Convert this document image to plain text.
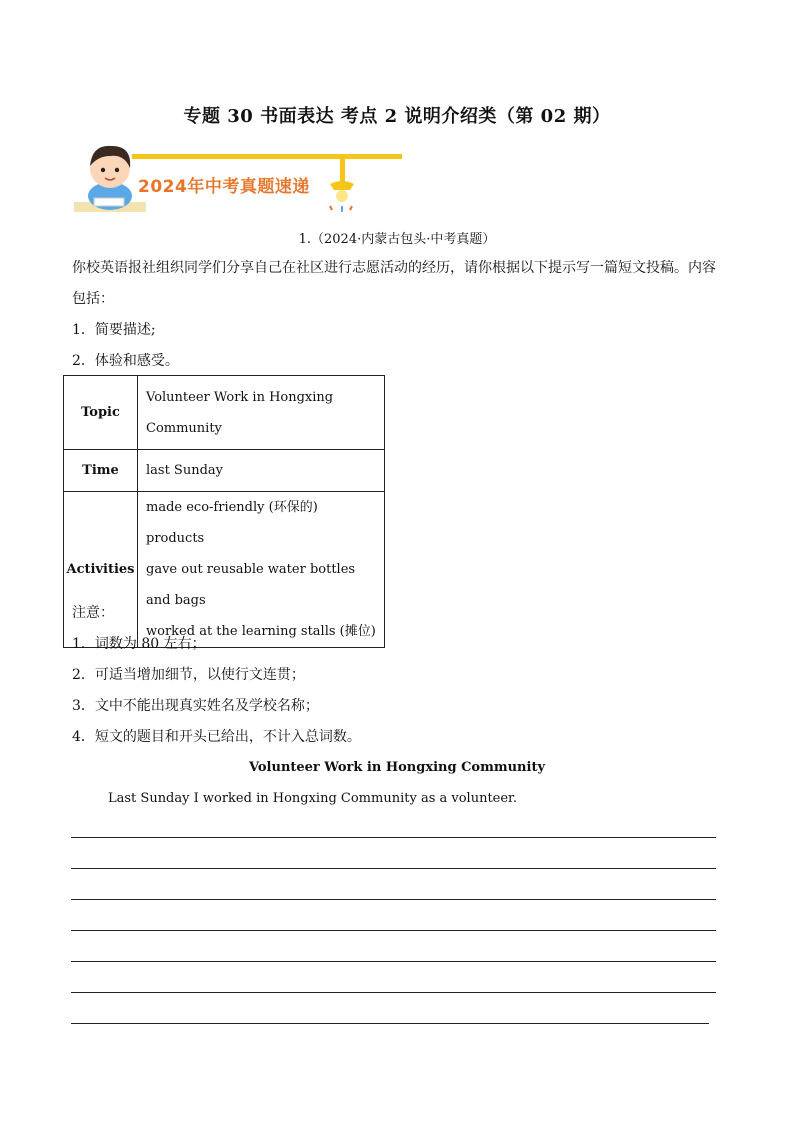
专题 30 书面表达 考点 2 说明介绍类（第 02 期）
2024年中考真题速递
1.（2024·内蒙古包头·中考真题）
你校英语报社组织同学们分享自己在社区进行志愿活动的经历，请你根据以下提示写一篇短文投稿。内容
包括：
1．简要描述;
2．体验和感受。
Topic	Volunteer Work in Hongxing
Community

Time	last Sunday

Activities	made eco-friendly (环保的) products
gave out reusable water bottles and bags
worked at the learning stalls (摊位)
注意：
1．词数为 80 左右；
2．可适当增加细节，以使行文连贯；
3．文中不能出现真实姓名及学校名称；
4．短文的题目和开头已给出，不计入总词数。
Volunteer Work in Hongxing Community
Last Sunday I worked in Hongxing Community as a volunteer.
